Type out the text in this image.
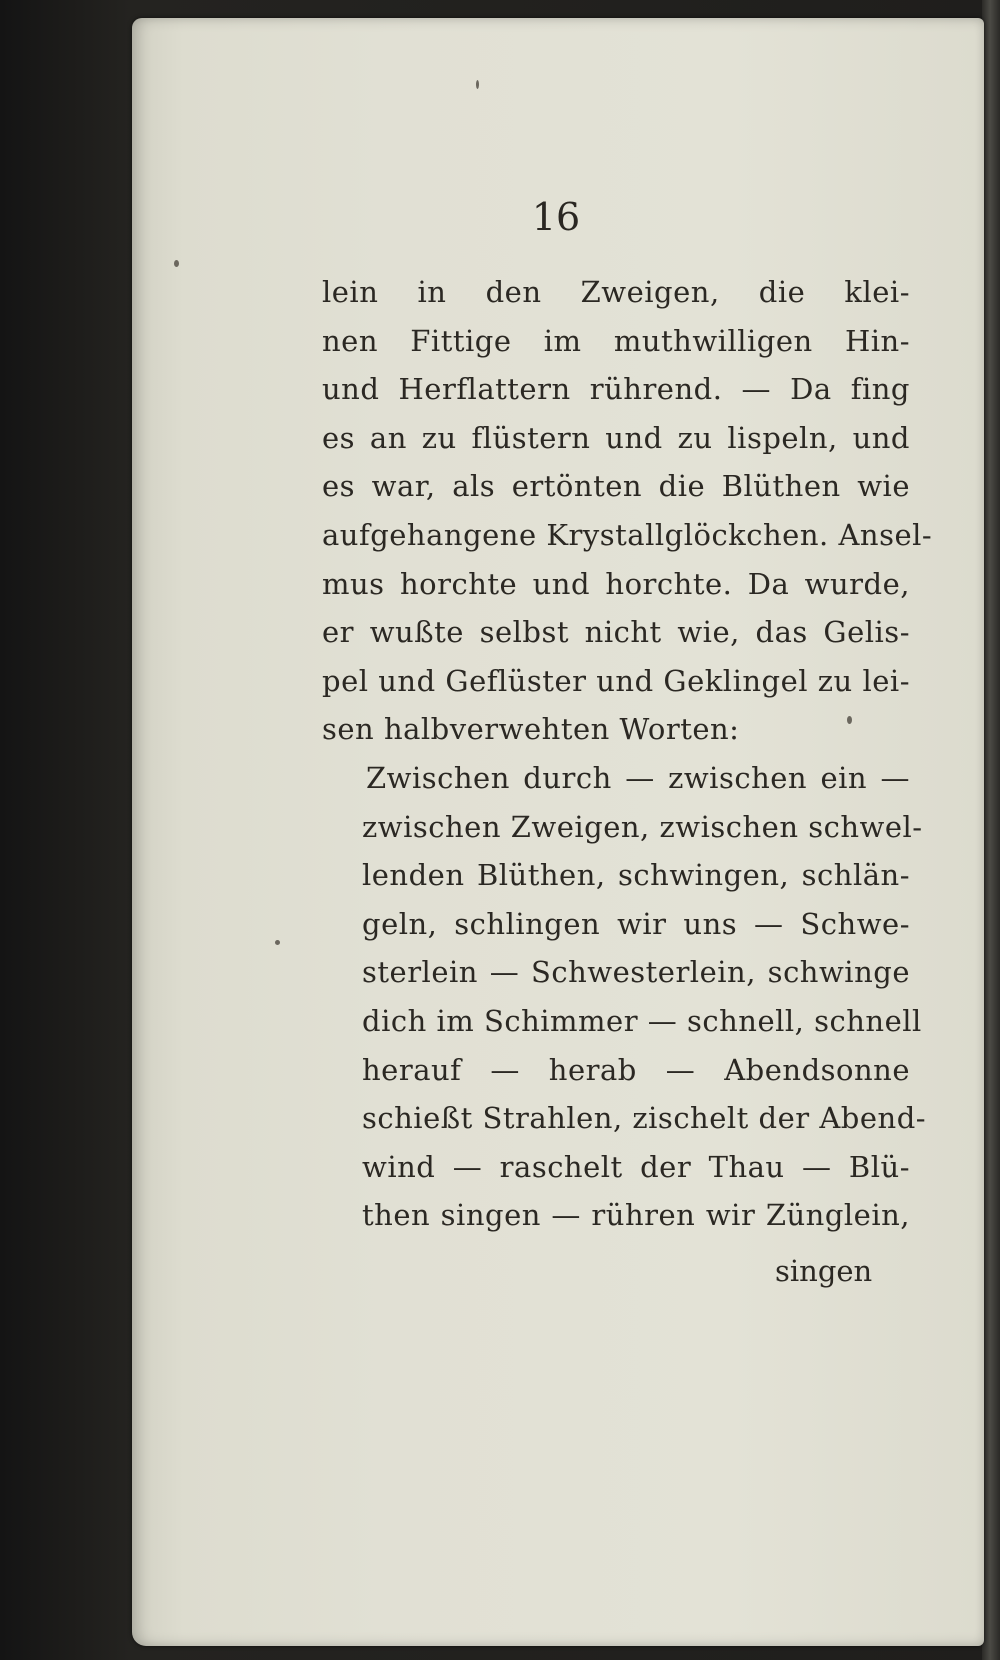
16
lein in den Zweigen, die klei-
nen Fittige im muthwilligen Hin-
und Herflattern rührend. — Da fing
es an zu flüstern und zu lispeln, und
es war, als ertönten die Blüthen wie
aufgehangene Krystallglöckchen. Ansel-
mus horchte und horchte. Da wurde,
er wußte selbst nicht wie, das Gelis-
pel und Geflüster und Geklingel zu lei-
sen halbverwehten Worten:
Zwischen durch — zwischen ein —
zwischen Zweigen, zwischen schwel-
lenden Blüthen, schwingen, schlän-
geln, schlingen wir uns — Schwe-
sterlein — Schwesterlein, schwinge
dich im Schimmer — schnell, schnell
herauf — herab — Abendsonne
schießt Strahlen, zischelt der Abend-
wind — raschelt der Thau — Blü-
then singen — rühren wir Zünglein,
singen
